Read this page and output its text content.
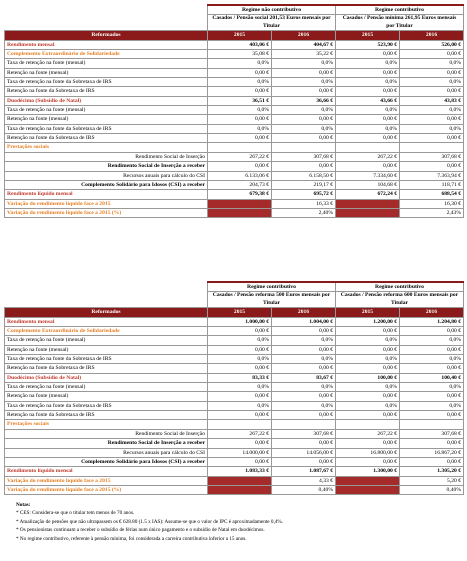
	Regime não contributivo		Regime contributivo	
	Casados / Pensão social 201,53 Euros mensais por Titular		Casados / Pensão mínima 261,95 Euros mensais por Titular	
Reformados	2015	2016	2015	2016
Rendimento mensal	403,06 €	404,67 €	523,90 €	526,00 €
Complemento Extraordinário de Solidariedade	35,08 €	35,22 €	0,00 €	0,00 €
Taxa de retenção na fonte (mensal)	0,0%	0,0%	0,0%	0,0%
Retenção na fonte (mensal)	0,00 €	0,00 €	0,00 €	0,00 €
Taxa de retenção na fonte da Sobretaxa de IRS	0,0%	0,0%	0,0%	0,0%
Retenção na fonte da Sobretaxa de IRS	0,00 €	0,00 €	0,00 €	0,00 €
Duodécimo (Subsídio de Natal)	36,51 €	36,66 €	43,66 €	43,83 €
Taxa de retenção na fonte (mensal)	0,0%	0,0%	0,0%	0,0%
Retenção na fonte (mensal)	0,00 €	0,00 €	0,00 €	0,00 €
Taxa de retenção na fonte da Sobretaxa de IRS	0,0%	0,0%	0,0%	0,0%
Retenção na fonte da Sobretaxa de IRS	0,00 €	0,00 €	0,00 €	0,00 €
Prestações sociais				
Rendimento Social de Inserção	267,22 €	307,68 €	267,22 €	307,68 €
Rendimento Social de Inserção a receber	0,00 €	0,00 €	0,00 €	0,00 €
Recursos anuais para cálculo do CSI	6.133,06 €	6.158,50 €	7.334,60 €	7.363,94 €
Complemento Solidário para Idosos (CSI) a receber	204,73 €	219,17 €	104,68 €	118,71 €
Rendimento líquido mensal	679,38 €	695,72 €	672,24 €	688,54 €
Variação do rendimento líquido face a 2015		16,33 €		16,30 €
Variação do rendimento líquido face a 2015 (%)		2,40%		2,43%
	Regime contributivo		Regime contributivo	
	Casados / Pensão reforma 500 Euros mensais por Titular		Casados / Pensão reforma 600 Euros mensais por Titular	
Reformados	2015	2016	2015	2016
Rendimento mensal	1.000,00 €	1.004,00 €	1.200,00 €	1.204,80 €
Complemento Extraordinário de Solidariedade	0,00 €	0,00 €	0,00 €	0,00 €
Taxa de retenção na fonte (mensal)	0,0%	0,0%	0,0%	0,0%
Retenção na fonte (mensal)	0,00 €	0,00 €	0,00 €	0,00 €
Taxa de retenção na fonte da Sobretaxa de IRS	0,0%	0,0%	0,0%	0,0%
Retenção na fonte da Sobretaxa de IRS	0,00 €	0,00 €	0,00 €	0,00 €
Duodécimo (Subsídio de Natal)	83,33 €	83,67 €	100,00 €	100,40 €
Taxa de retenção na fonte (mensal)	0,0%	0,0%	0,0%	0,0%
Retenção na fonte (mensal)	0,00 €	0,00 €	0,00 €	0,00 €
Taxa de retenção na fonte da Sobretaxa de IRS	0,0%	0,0%	0,0%	0,0%
Retenção na fonte da Sobretaxa de IRS	0,00 €	0,00 €	0,00 €	0,00 €
Prestações sociais				
Rendimento Social de Inserção	267,22 €	307,68 €	267,22 €	307,68 €
Rendimento Social de Inserção a receber	0,00 €	0,00 €	0,00 €	0,00 €
Recursos anuais para cálculo do CSI	14.000,00 €	14.056,00 €	16.800,00 €	16.867,20 €
Complemento Solidário para Idosos (CSI) a receber	0,00 €	0,00 €	0,00 €	0,00 €
Rendimento líquido mensal	1.083,33 €	1.087,67 €	1.300,00 €	1.305,20 €
Variação do rendimento líquido face a 2015		4,33 €		5,20 €
Variação do rendimento líquido face a 2015 (%)		0,40%		0,40%
Notas:
* CES: Considera-se que o titular tem menos de 70 anos.
* Atualização de pensões que não ultrapassem os € 628.80 (1.5 x IAS): Assume-se que o valor de IPC é aproximadamente 0,4%.
* Os pensionistas continuam a receber o subsídio de férias num único pagamento e o subsídio de Natal em duodécimos.
* No regime contributivo, referente à pensão mínima, foi considerada a carreira contributiva inferior a 15 anos.
